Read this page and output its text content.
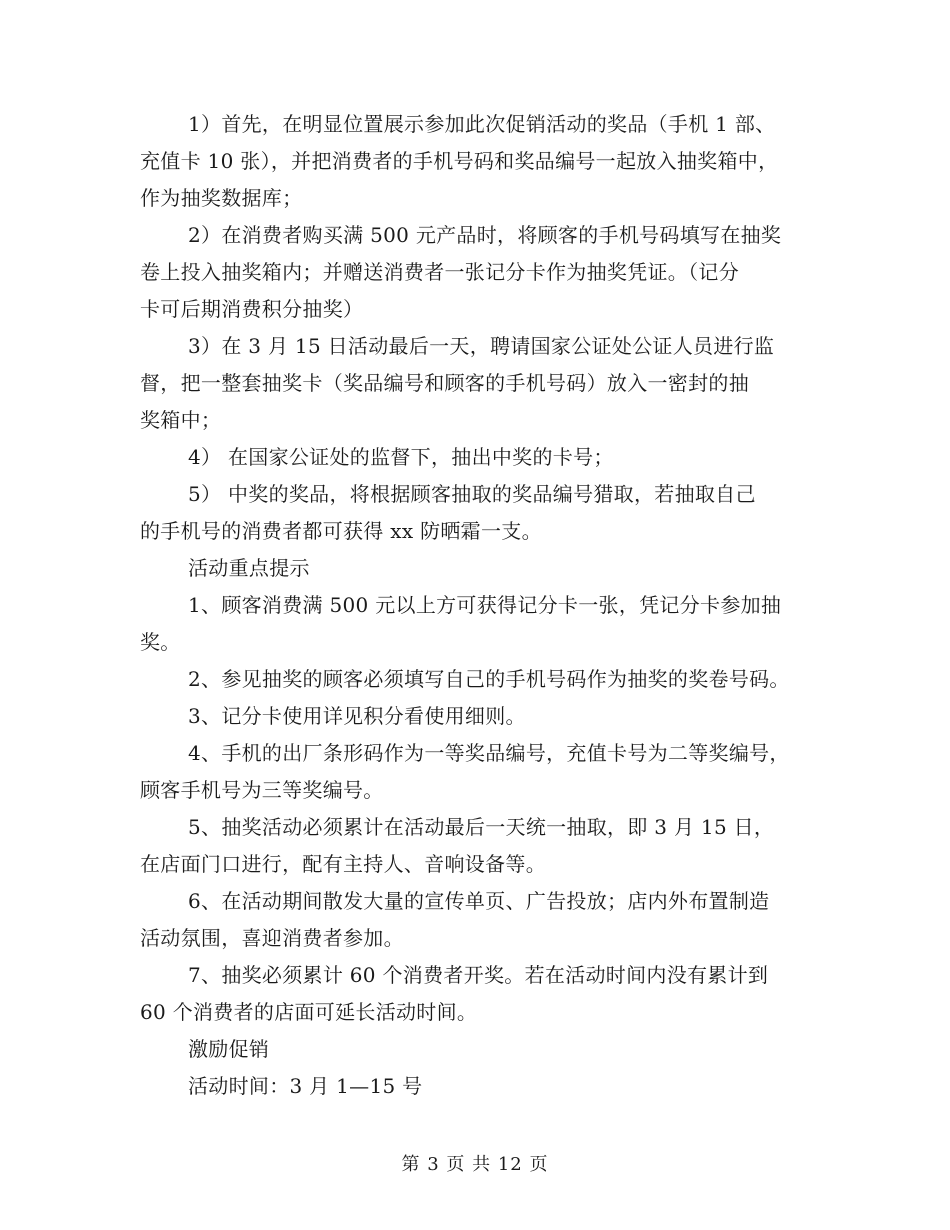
1）首先，在明显位置展示参加此次促销活动的奖品（手机 1 部、
充值卡 10 张），并把消费者的手机号码和奖品编号一起放入抽奖箱中，
作为抽奖数据库；
2）在消费者购买满 500 元产品时，将顾客的手机号码填写在抽奖
卷上投入抽奖箱内；并赠送消费者一张记分卡作为抽奖凭证。（记分
卡可后期消费积分抽奖）
3）在 3 月 15 日活动最后一天，聘请国家公证处公证人员进行监
督，把一整套抽奖卡（奖品编号和顾客的手机号码）放入一密封的抽
奖箱中；
4） 在国家公证处的监督下，抽出中奖的卡号；
5） 中奖的奖品，将根据顾客抽取的奖品编号猎取，若抽取自己
的手机号的消费者都可获得 xx 防晒霜一支。
活动重点提示
1、顾客消费满 500 元以上方可获得记分卡一张，凭记分卡参加抽
奖。
2、参见抽奖的顾客必须填写自己的手机号码作为抽奖的奖卷号码。
3、记分卡使用详见积分看使用细则。
4、手机的出厂条形码作为一等奖品编号，充值卡号为二等奖编号，
顾客手机号为三等奖编号。
5、抽奖活动必须累计在活动最后一天统一抽取，即 3 月 15 日，
在店面门口进行，配有主持人、音响设备等。
6、在活动期间散发大量的宣传单页、广告投放；店内外布置制造
活动氛围，喜迎消费者参加。
7、抽奖必须累计 60 个消费者开奖。若在活动时间内没有累计到
60 个消费者的店面可延长活动时间。
激励促销
活动时间：3 月 1—15 号
第 3 页 共 12 页
